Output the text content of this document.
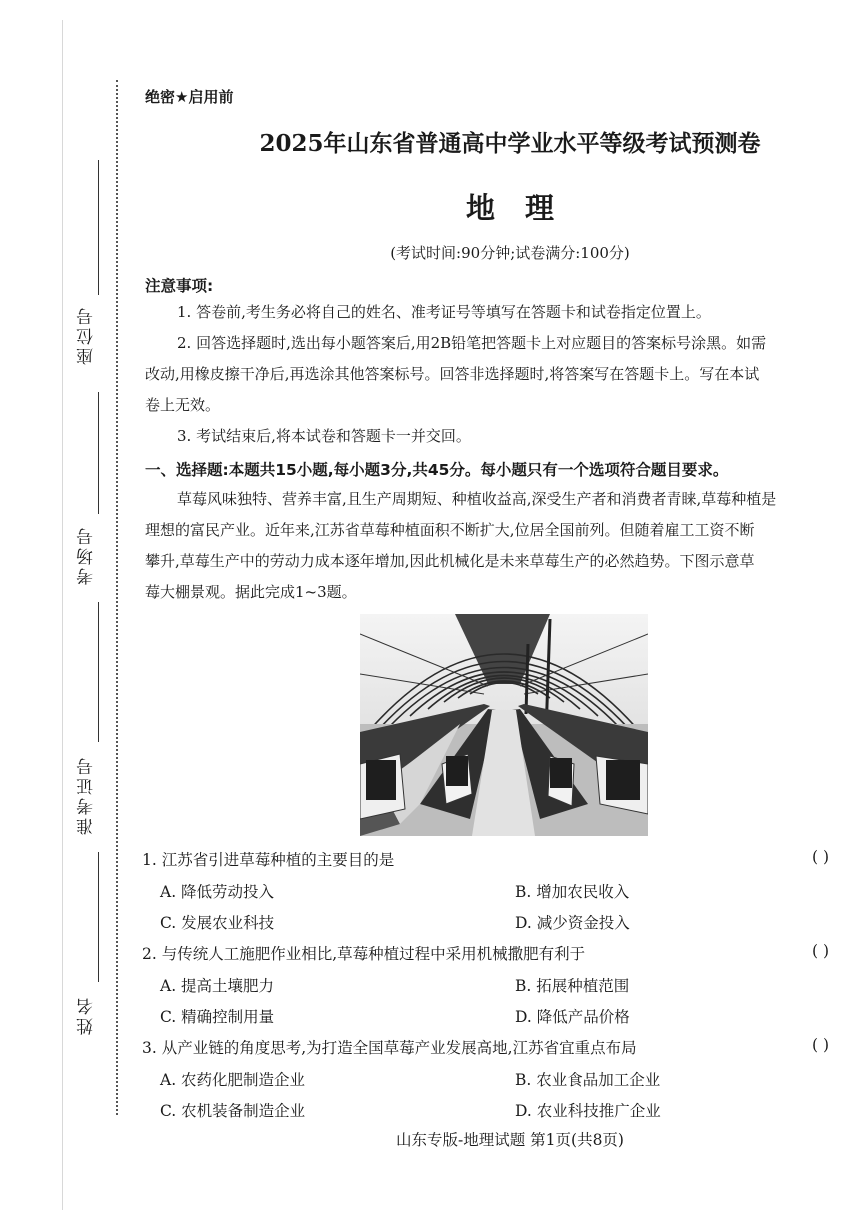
座位号
考场号
准考证号
姓名
绝密★启用前
2025年山东省普通高中学业水平等级考试预测卷
地理
(考试时间:90分钟;试卷满分:100分)
注意事项:
1. 答卷前,考生务必将自己的姓名、准考证号等填写在答题卡和试卷指定位置上。
2. 回答选择题时,选出每小题答案后,用2B铅笔把答题卡上对应题目的答案标号涂黑。如需
改动,用橡皮擦干净后,再选涂其他答案标号。回答非选择题时,将答案写在答题卡上。写在本试
卷上无效。
3. 考试结束后,将本试卷和答题卡一并交回。
一、选择题:本题共15小题,每小题3分,共45分。每小题只有一个选项符合题目要求。
草莓风味独特、营养丰富,且生产周期短、种植收益高,深受生产者和消费者青睐,草莓种植是
理想的富民产业。近年来,江苏省草莓种植面积不断扩大,位居全国前列。但随着雇工工资不断
攀升,草莓生产中的劳动力成本逐年增加,因此机械化是未来草莓生产的必然趋势。下图示意草
莓大棚景观。据此完成1~3题。
1. 江苏省引进草莓种植的主要目的是	( )
A. 降低劳动投入	B. 增加农民收入
C. 发展农业科技	D. 减少资金投入
2. 与传统人工施肥作业相比,草莓种植过程中采用机械撒肥有利于	( )
A. 提高土壤肥力	B. 拓展种植范围
C. 精确控制用量	D. 降低产品价格
3. 从产业链的角度思考,为打造全国草莓产业发展高地,江苏省宜重点布局	( )
A. 农药化肥制造企业	B. 农业食品加工企业
C. 农机装备制造企业	D. 农业科技推广企业
山东专版-地理试题 第1页(共8页)
